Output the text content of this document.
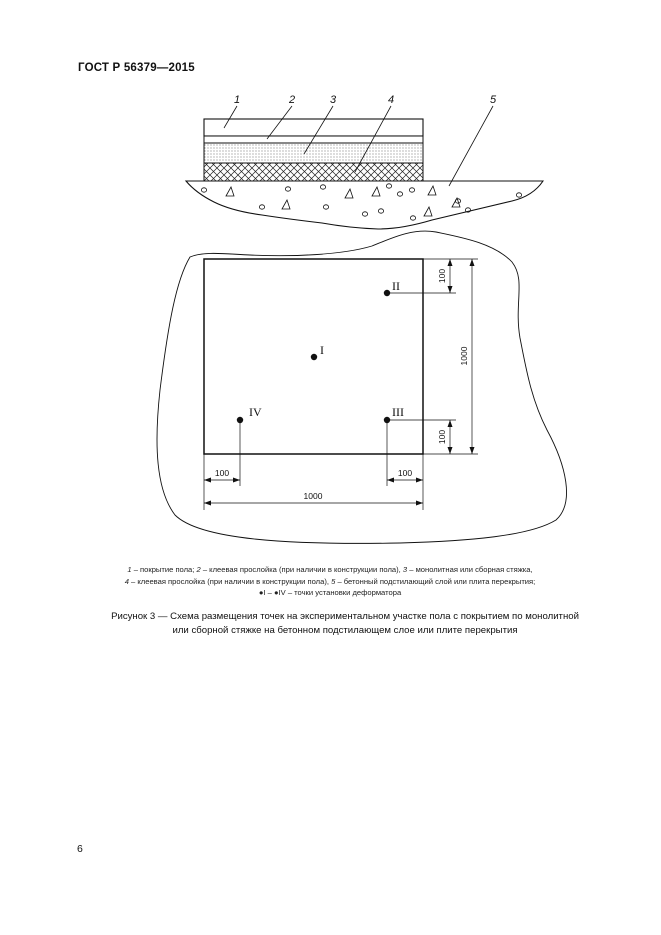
ГОСТ Р 56379—2015
1	2	3	4	5
I
II
III
IV
100
1000
100
100	100
1000
1 – покрытие пола; 2 – клеевая прослойка (при наличии в конструкции пола), 3 – монолитная или сборная стяжка,
4 – клеевая прослойка (при наличии в конструкции пола), 5 – бетонный подстилающий слой или плита перекрытия;
●I – ●IV – точки установки деформатора
Рисунок 3 — Схема размещения точек на экспериментальном участке пола с покрытием по монолитной
или сборной стяжке на бетонном подстилающем слое или плите перекрытия
6
